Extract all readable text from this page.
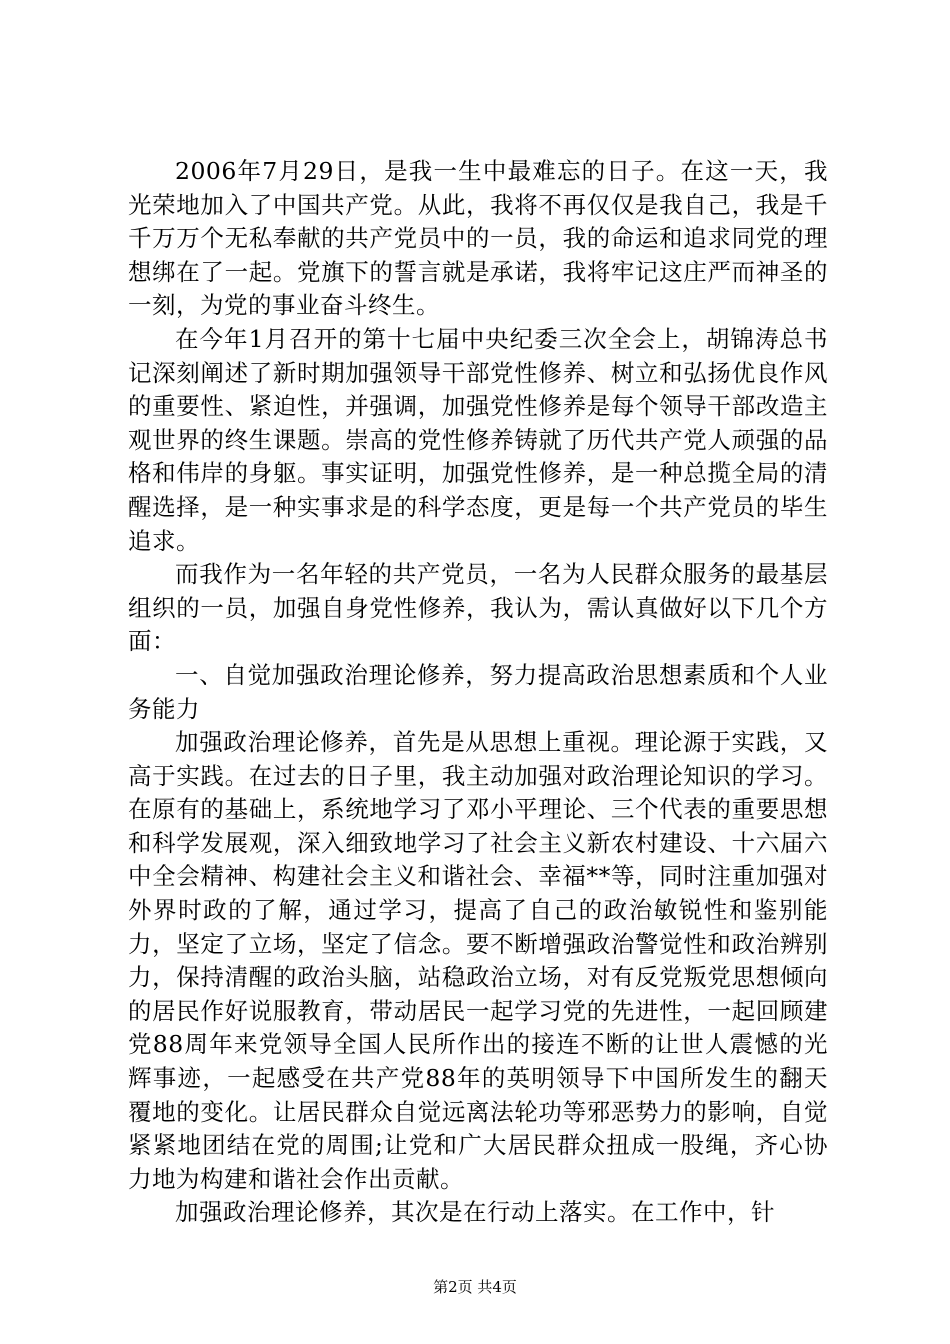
2006年7月29日，是我一生中最难忘的日子。在这一天，我光荣地加入了中国共产党。从此，我将不再仅仅是我自己，我是千千万万个无私奉献的共产党员中的一员，我的命运和追求同党的理想绑在了一起。党旗下的誓言就是承诺，我将牢记这庄严而神圣的一刻，为党的事业奋斗终生。

在今年1月召开的第十七届中央纪委三次全会上，胡锦涛总书记深刻阐述了新时期加强领导干部党性修养、树立和弘扬优良作风的重要性、紧迫性，并强调，加强党性修养是每个领导干部改造主观世界的终生课题。崇高的党性修养铸就了历代共产党人顽强的品格和伟岸的身躯。事实证明，加强党性修养，是一种总揽全局的清醒选择，是一种实事求是的科学态度，更是每一个共产党员的毕生追求。

而我作为一名年轻的共产党员，一名为人民群众服务的最基层组织的一员，加强自身党性修养，我认为，需认真做好以下几个方面：

一、自觉加强政治理论修养，努力提高政治思想素质和个人业务能力

加强政治理论修养，首先是从思想上重视。理论源于实践，又高于实践。在过去的日子里，我主动加强对政治理论知识的学习。在原有的基础上，系统地学习了邓小平理论、三个代表的重要思想和科学发展观，深入细致地学习了社会主义新农村建设、十六届六中全会精神、构建社会主义和谐社会、幸福**等，同时注重加强对外界时政的了解，通过学习，提高了自己的政治敏锐性和鉴别能力，坚定了立场，坚定了信念。要不断增强政治警觉性和政治辨别力，保持清醒的政治头脑，站稳政治立场，对有反党叛党思想倾向的居民作好说服教育，带动居民一起学习党的先进性，一起回顾建党88周年来党领导全国人民所作出的接连不断的让世人震憾的光辉事迹，一起感受在共产党88年的英明领导下中国所发生的翻天覆地的变化。让居民群众自觉远离法轮功等邪恶势力的影响，自觉紧紧地团结在党的周围;让党和广大居民群众扭成一股绳，齐心协力地为构建和谐社会作出贡献。

加强政治理论修养，其次是在行动上落实。在工作中，针

第2页 共4页
